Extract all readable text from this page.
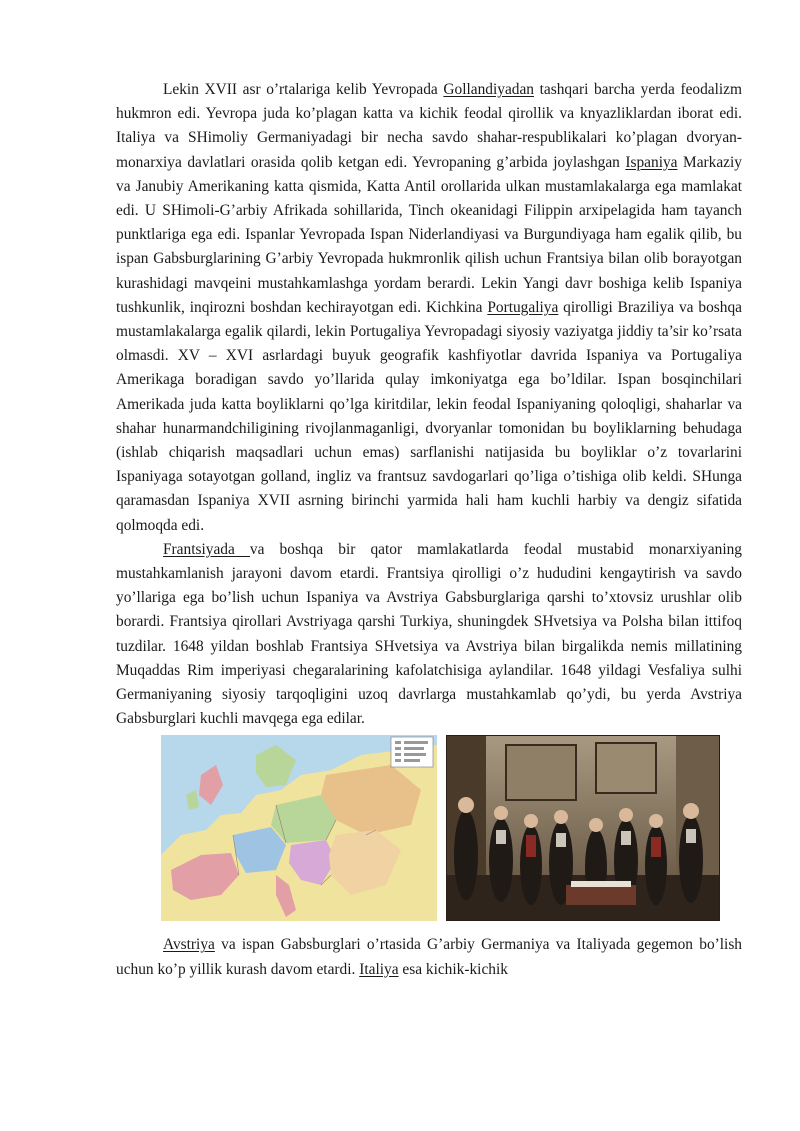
Lekin XVII asr o’rtalariga kelib Yevropada Gollandiyadan tashqari barcha yerda feodalizm hukmron edi. Yevropa juda ko’plagan katta va kichik feodal qirollik va knyazliklardan iborat edi. Italiya va SHimoliy Germaniyadagi bir necha savdo shahar-respublikalari ko’plagan dvoryan-monarxiya davlatlari orasida qolib ketgan edi. Yevropaning g’arbida joylashgan Ispaniya Markaziy va Janubiy Amerikaning katta qismida, Katta Antil orollarida ulkan mustamlakalarga ega mamlakat edi. U SHimoli-G’arbiy Afrikada sohillarida, Tinch okeanidagi Filippin arxipelagida ham tayanch punktlariga ega edi. Ispanlar Yevropada Ispan Niderlandiyasi va Burgundiyaga ham egalik qilib, bu ispan Gabsburglarining G’arbiy Yevropada hukmronlik qilish uchun Frantsiya bilan olib borayotgan kurashidagi mavqeini mustahkamlashga yordam berardi. Lekin Yangi davr boshiga kelib Ispaniya tushkunlik, inqirozni boshdan kechirayotgan edi. Kichkina Portugaliya qirolligi Braziliya va boshqa mustamlakalarga egalik qilardi, lekin Portugaliya Yevropadagi siyosiy vaziyatga jiddiy ta’sir ko’rsata olmasdi. XV – XVI asrlardagi buyuk geografik kashfiyotlar davrida Ispaniya va Portugaliya Amerikaga boradigan savdo yo’llarida qulay imkoniyatga ega bo’ldilar. Ispan bosqinchilari Amerikada juda katta boyliklarni qo’lga kiritdilar, lekin feodal Ispaniyaning qoloqligi, shaharlar va shahar hunarmandchiligining rivojlanmaganligi, dvoryanlar tomonidan bu boyliklarning behudaga (ishlab chiqarish maqsadlari uchun emas) sarflanishi natijasida bu boyliklar o’z tovarlarini Ispaniyaga sotayotgan golland, ingliz va frantsuz savdogarlari qo’liga o’tishiga olib keldi. SHunga qaramasdan Ispaniya XVII asrning birinchi yarmida hali ham kuchli harbiy va dengiz sifatida qolmoqda edi.

Frantsiyada va boshqa bir qator mamlakatlarda feodal mustabid monarxiyaning mustahkamlanish jarayoni davom etardi. Frantsiya qirolligi o’z hududini kengaytirish va savdo yo’llariga ega bo’lish uchun Ispaniya va Avstriya Gabsburglariga qarshi to’xtovsiz urushlar olib borardi. Frantsiya qirollari Avstriyaga qarshi Turkiya, shuningdek SHvetsiya va Polsha bilan ittifoq tuzdilar. 1648 yildan boshlab Frantsiya SHvetsiya va Avstriya bilan birgalikda nemis millatining Muqaddas Rim imperiyasi chegaralarining kafolatchisiga aylandilar. 1648 yildagi Vesfaliya sulhi Germaniyaning siyosiy tarqoqligini uzoq davrlarga mustahkamlab qo’ydi, bu yerda Avstriya Gabsburglari kuchli mavqega ega edilar.

Avstriya va ispan Gabsburglari o’rtasida G’arbiy Germaniya va Italiyada gegemon bo’lish uchun ko’p yillik kurash davom etardi. Italiya esa kichik-kichik
